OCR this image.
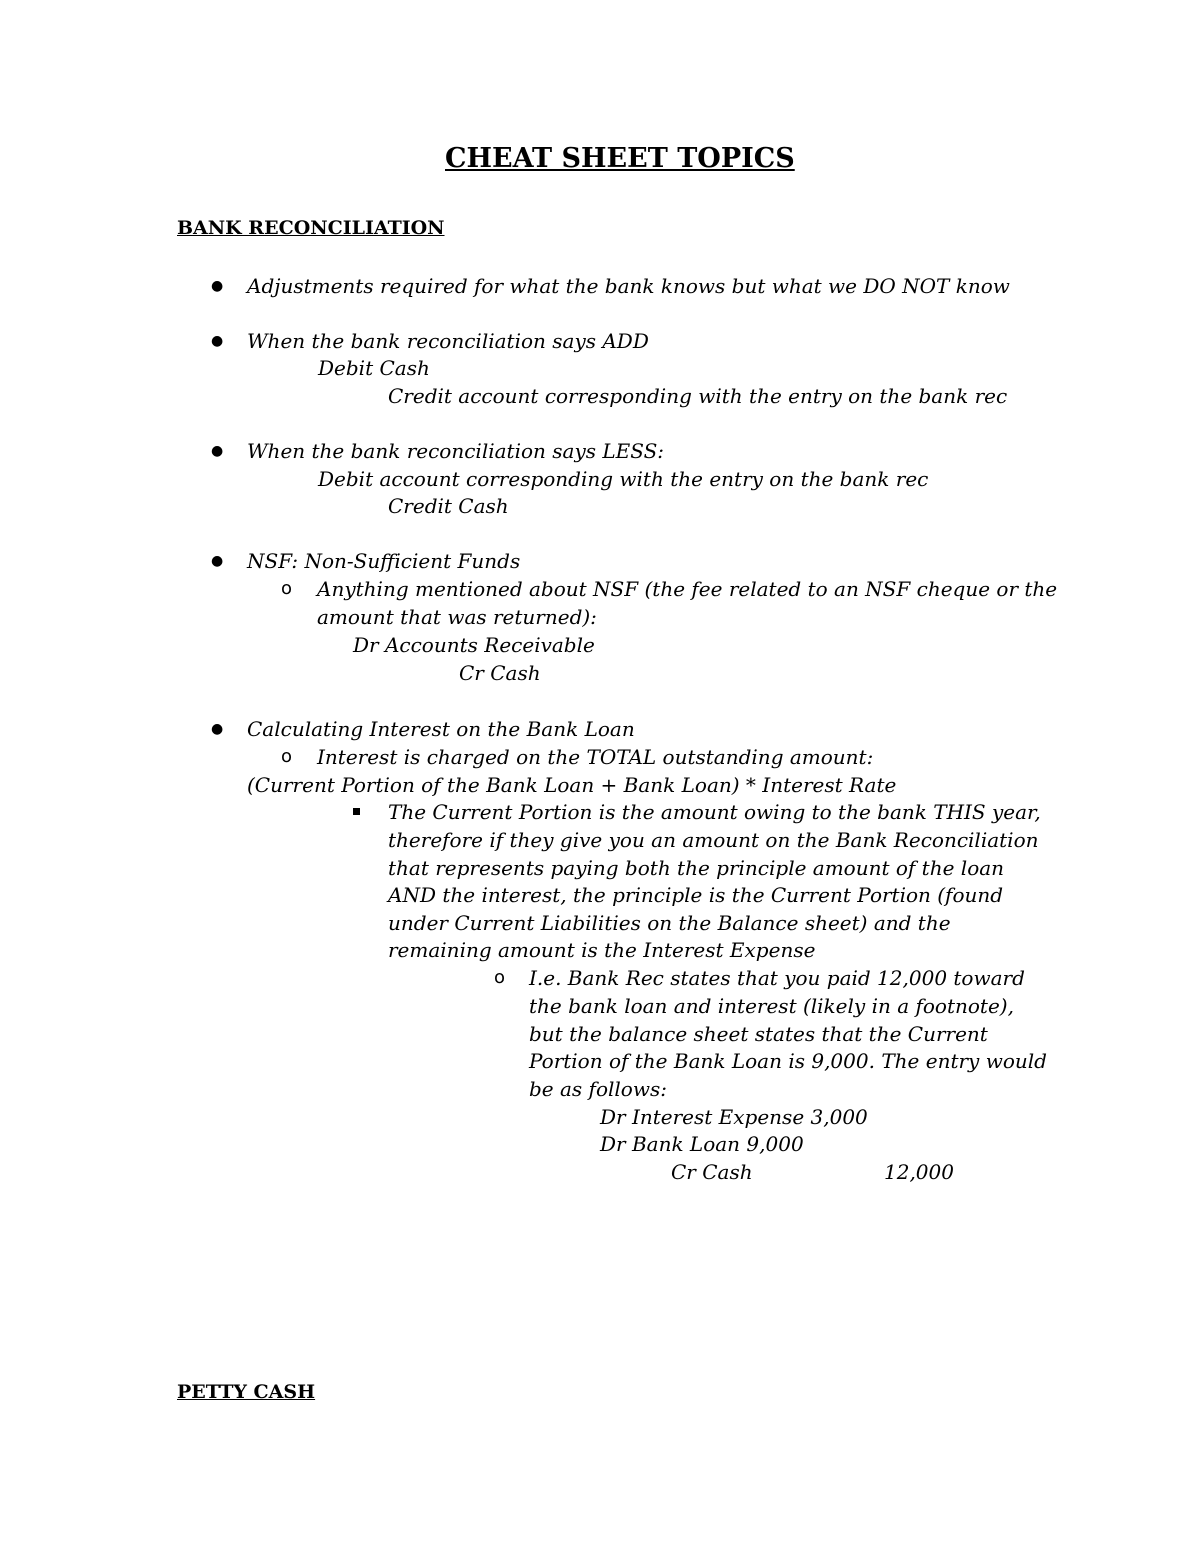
CHEAT SHEET TOPICS
BANK RECONCILIATION
● Adjustments required for what the bank knows but what we DO NOT know
● When the bank reconciliation says ADD
Debit Cash
Credit account corresponding with the entry on the bank rec
● When the bank reconciliation says LESS:
Debit account corresponding with the entry on the bank rec
Credit Cash
● NSF: Non-Sufficient Funds
o Anything mentioned about NSF (the fee related to an NSF cheque or the
amount that was returned):
Dr Accounts Receivable
Cr Cash
● Calculating Interest on the Bank Loan
o Interest is charged on the TOTAL outstanding amount:
(Current Portion of the Bank Loan + Bank Loan) * Interest Rate
The Current Portion is the amount owing to the bank THIS year,
therefore if they give you an amount on the Bank Reconciliation
that represents paying both the principle amount of the loan
AND the interest, the principle is the Current Portion (found
under Current Liabilities on the Balance sheet) and the
remaining amount is the Interest Expense
o I.e. Bank Rec states that you paid 12,000 toward
the bank loan and interest (likely in a footnote),
but the balance sheet states that the Current
Portion of the Bank Loan is 9,000. The entry would
be as follows:
Dr Interest Expense 3,000
Dr Bank Loan 9,000
Cr Cash	12,000
PETTY CASH
